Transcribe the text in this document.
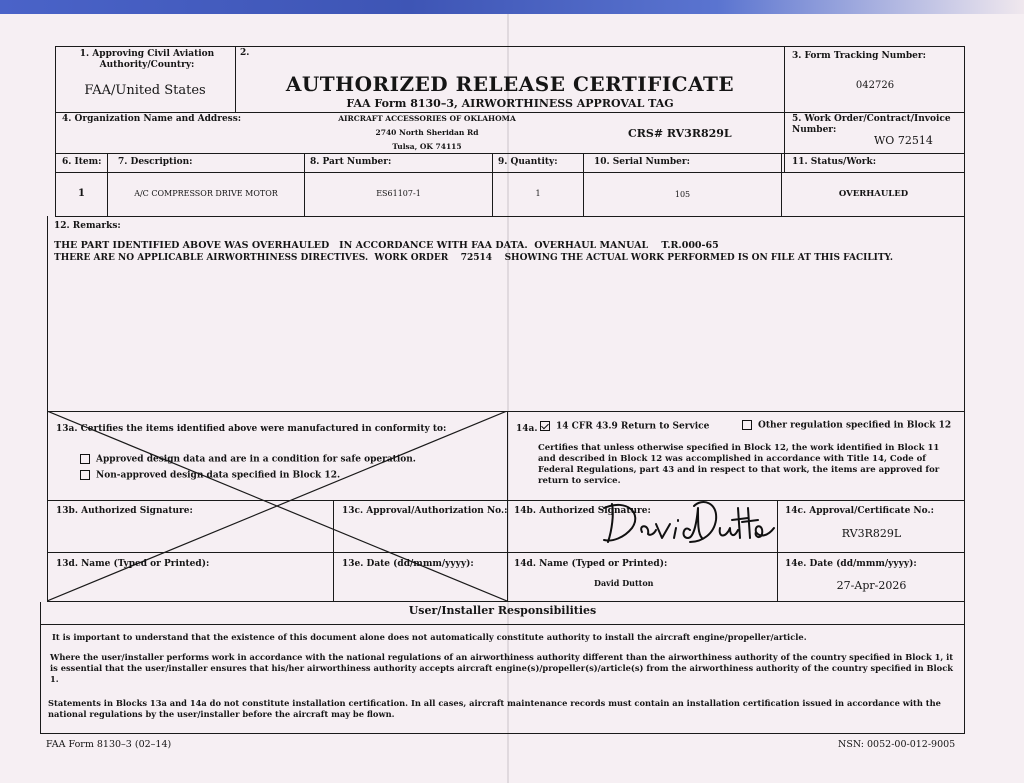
1. Approving Civil Aviation Authority/Country:
FAA/United States
2.
AUTHORIZED RELEASE CERTIFICATE
FAA Form 8130–3, AIRWORTHINESS APPROVAL TAG
3. Form Tracking Number:
042726
4. Organization Name and Address:	AIRCRAFT ACCESSORIES OF OKLAHOMA
2740 North Sheridan Rd
Tulsa, OK 74115
CRS# RV3R829L
5. Work Order/Contract/Invoice Number:
WO 72514
6. Item: 7. Description:	8. Part Number:	9. Quantity:	10. Serial Number:	11. Status/Work:
1	A/C COMPRESSOR DRIVE MOTOR	ES61107-1	1	105	OVERHAULED
12. Remarks:
THE PART IDENTIFIED ABOVE WAS OVERHAULED   IN ACCORDANCE WITH FAA DATA.  OVERHAUL MANUAL    T.R.000-65
THERE ARE NO APPLICABLE AIRWORTHINESS DIRECTIVES.  WORK ORDER    72514    SHOWING THE ACTUAL WORK PERFORMED IS ON FILE AT THIS FACILITY.
13a. Certifies the items identified above were manufactured in conformity to:
Approved design data and are in a condition for safe operation.
Non-approved design data specified in Block 12.
14a.	14 CFR 43.9 Return to Service	Other regulation specified in Block 12
Certifies that unless otherwise specified in Block 12, the work identified in Block 11 and described in Block 12 was accomplished in accordance with Title 14, Code of Federal Regulations, part 43 and in respect to that work, the items are approved for return to service.
13b. Authorized Signature:	13c. Approval/Authorization No.: 14b. Authorized Signature:
David Dutton
14c. Approval/Certificate No.:
RV3R829L
13d. Name (Typed or Printed):	13e. Date (dd/mmm/yyyy):	14d. Name (Typed or Printed):
David Dutton
14e. Date (dd/mmm/yyyy):
27-Apr-2026
User/Installer Responsibilities
It is important to understand that the existence of this document alone does not automatically constitute authority to install the aircraft engine/propeller/article.
Where the user/installer performs work in accordance with the national regulations of an airworthiness authority different than the airworthiness authority of the country specified in Block 1, it is essential that the user/installer ensures that his/her airworthiness authority accepts aircraft engine(s)/propeller(s)/article(s) from the airworthiness authority of the country specified in Block 1.
Statements in Blocks 13a and 14a do not constitute installation certification. In all cases, aircraft maintenance records must contain an installation certification issued in accordance with the national regulations by the user/installer before the aircraft may be flown.
FAA Form 8130–3 (02–14)	NSN: 0052-00-012-9005
